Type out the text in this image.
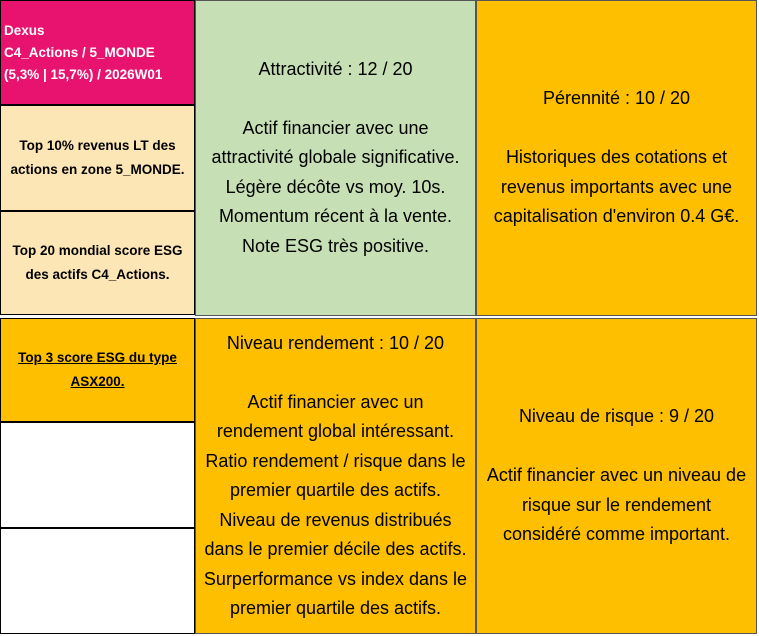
Dexus
C4_Actions / 5_MONDE
(5,3% | 15,7%) / 2026W01
Top 10% revenus LT des
actions en zone 5_MONDE.
Top 20 mondial score ESG
des actifs C4_Actions.
Top 3 score ESG du type
ASX200.
Attractivité : 12 / 20
Actif financier avec une
attractivité globale significative.
Légère décôte vs moy. 10s.
Momentum récent à la vente.
Note ESG très positive.
Pérennité : 10 / 20
Historiques des cotations et
revenus importants avec une
capitalisation d'environ 0.4 G€.
Niveau rendement : 10 / 20
Actif financier avec un
rendement global intéressant.
Ratio rendement / risque dans le
premier quartile des actifs.
Niveau de revenus distribués
dans le premier décile des actifs.
Surperformance vs index dans le
premier quartile des actifs.
Niveau de risque : 9 / 20
Actif financier avec un niveau de
risque sur le rendement
considéré comme important.
